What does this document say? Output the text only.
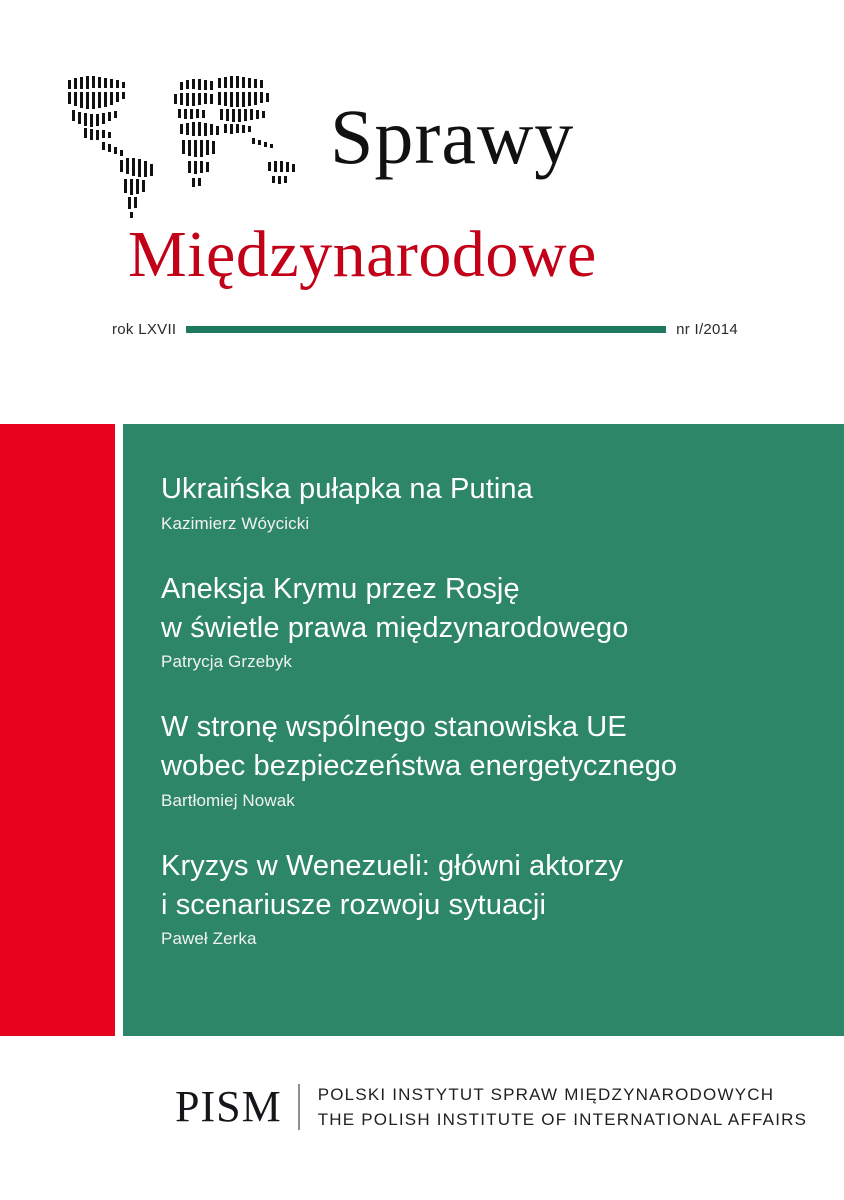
Sprawy
Międzynarodowe
rok LXVII	nr I/2014
Ukraińska pułapka na Putina
Kazimierz Wóycicki
Aneksja Krymu przez Rosję
w świetle prawa międzynarodowego
Patrycja Grzebyk
W stronę wspólnego stanowiska UE
wobec bezpieczeństwa energetycznego
Bartłomiej Nowak
Kryzys w Wenezueli: główni aktorzy
i scenariusze rozwoju sytuacji
Paweł Zerka
PISM POLSKI INSTYTUT SPRAW MIĘDZYNARODOWYCH
THE POLISH INSTITUTE OF INTERNATIONAL AFFAIRS
